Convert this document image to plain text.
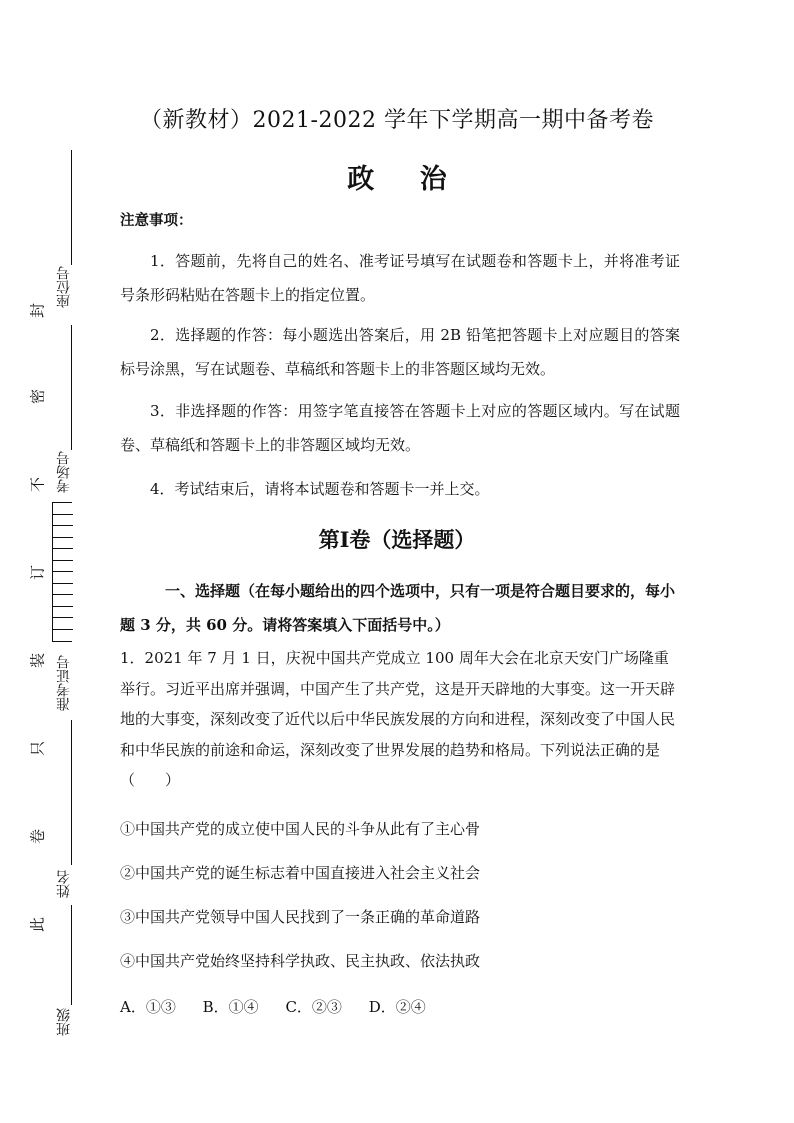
座位号
考场号
准考证号
姓名
班级
封
密
不
订
装
只
卷
此
（新教材）2021-2022 学年下学期高一期中备考卷
政 治
注意事项：
1．答题前，先将自己的姓名、准考证号填写在试题卷和答题卡上，并将准考证号条形码粘贴在答题卡上的指定位置。
2．选择题的作答：每小题选出答案后，用 2B 铅笔把答题卡上对应题目的答案标号涂黑，写在试题卷、草稿纸和答题卡上的非答题区域均无效。
3．非选择题的作答：用签字笔直接答在答题卡上对应的答题区域内。写在试题卷、草稿纸和答题卡上的非答题区域均无效。
4．考试结束后，请将本试题卷和答题卡一并上交。
第Ⅰ卷（选择题）
一、选择题（在每小题给出的四个选项中，只有一项是符合题目要求的，每小题 3 分，共 60 分。请将答案填入下面括号中。）
1．2021 年 7 月 1 日，庆祝中国共产党成立 100 周年大会在北京天安门广场隆重举行。习近平出席并强调，中国产生了共产党，这是开天辟地的大事变。这一开天辟地的大事变，深刻改变了近代以后中华民族发展的方向和进程，深刻改变了中国人民和中华民族的前途和命运，深刻改变了世界发展的趋势和格局。下列说法正确的是（　　）
①中国共产党的成立使中国人民的斗争从此有了主心骨
②中国共产党的诞生标志着中国直接进入社会主义社会
③中国共产党领导中国人民找到了一条正确的革命道路
④中国共产党始终坚持科学执政、民主执政、依法执政
A．①③ B．①④ C．②③ D．②④
